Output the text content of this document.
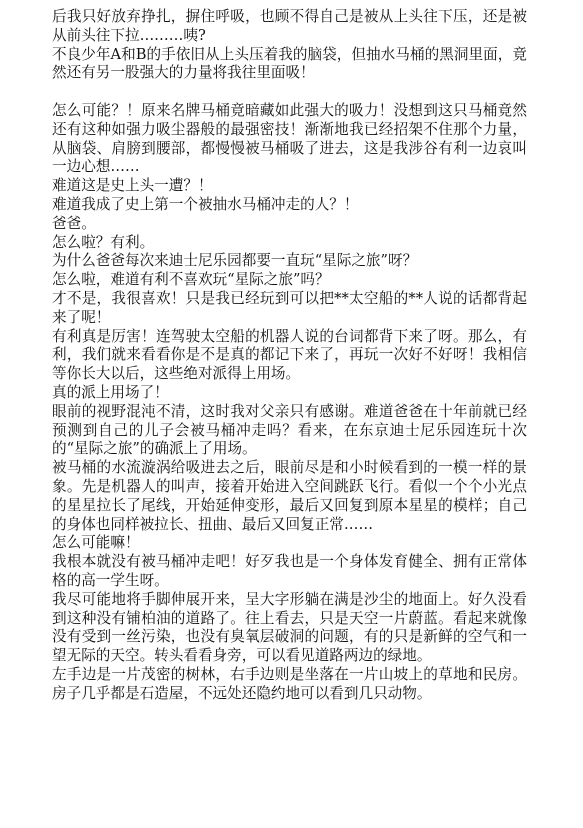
后我只好放弃挣扎，摒住呼吸，也顾不得自己是被从上头往下压，还是被从前头往下拉………咦?

不良少年A和B的手依旧从上头压着我的脑袋，但抽水马桶的黑洞里面，竟然还有另一股强大的力量将我往里面吸！

怎么可能？！原来名牌马桶竟暗藏如此强大的吸力！没想到这只马桶竟然还有这种如强力吸尘器般的最强密技！渐渐地我已经招架不住那个力量，从脑袋、肩膀到腰部，都慢慢被马桶吸了进去，这是我涉谷有利一边哀叫一边心想……

难道这是史上头一遭？！

难道我成了史上第一个被抽水马桶冲走的人？！

爸爸。

怎么啦？有利。

为什么爸爸每次来迪士尼乐园都要一直玩“星际之旅”呀？

怎么啦，难道有利不喜欢玩“星际之旅”吗？

才不是，我很喜欢！只是我已经玩到可以把**太空船的**人说的话都背起来了呢！

有利真是厉害！连驾驶太空船的机器人说的台词都背下来了呀。那么，有利，我们就来看看你是不是真的都记下来了，再玩一次好不好呀！我相信等你长大以后，这些绝对派得上用场。

真的派上用场了！

眼前的视野混沌不清，这时我对父亲只有感谢。难道爸爸在十年前就已经预测到自己的儿子会被马桶冲走吗？看来，在东京迪士尼乐园连玩十次的“星际之旅”的确派上了用场。

被马桶的水流漩涡给吸进去之后，眼前尽是和小时候看到的一模一样的景象。先是机器人的叫声，接着开始进入空间跳跃飞行。看似一个个小光点的星星拉长了尾线，开始延伸变形，最后又回复到原本星星的模样；自己的身体也同样被拉长、扭曲、最后又回复正常……

怎么可能嘛！

我根本就没有被马桶冲走吧！好歹我也是一个身体发育健全、拥有正常体格的高一学生呀。

我尽可能地将手脚伸展开来，呈大字形躺在满是沙尘的地面上。好久没看到这种没有铺柏油的道路了。往上看去，只是天空一片蔚蓝。看起来就像没有受到一丝污染，也没有臭氧层破洞的问题，有的只是新鲜的空气和一望无际的天空。转头看看身旁，可以看见道路两边的绿地。

左手边是一片茂密的树林，右手边则是坐落在一片山坡上的草地和民房。房子几乎都是石造屋，不远处还隐约地可以看到几只动物。
